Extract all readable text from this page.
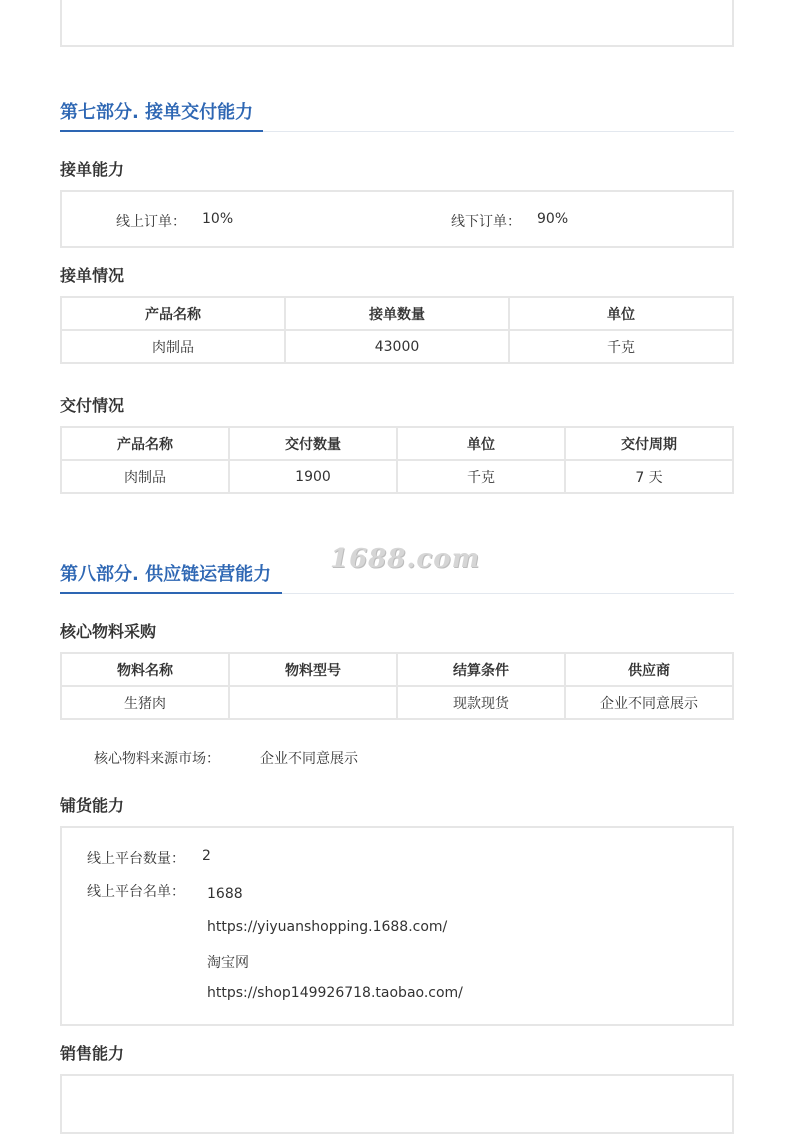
第七部分. 接单交付能力
接单能力
线上订单： 10%	线下订单： 90%
接单情况
产品名称	接单数量	单位
肉制品	43000	千克
交付情况
产品名称	交付数量	单位	交付周期
肉制品	1900	千克	7 天
1688.com
第八部分. 供应链运营能力
核心物料采购
物料名称	物料型号	结算条件	供应商
生猪肉		现款现货	企业不同意展示
核心物料来源市场：	企业不同意展示
铺货能力
线上平台数量： 2
线上平台名单： 1688
https://yiyuanshopping.1688.com/
淘宝网
https://shop149926718.taobao.com/
销售能力
